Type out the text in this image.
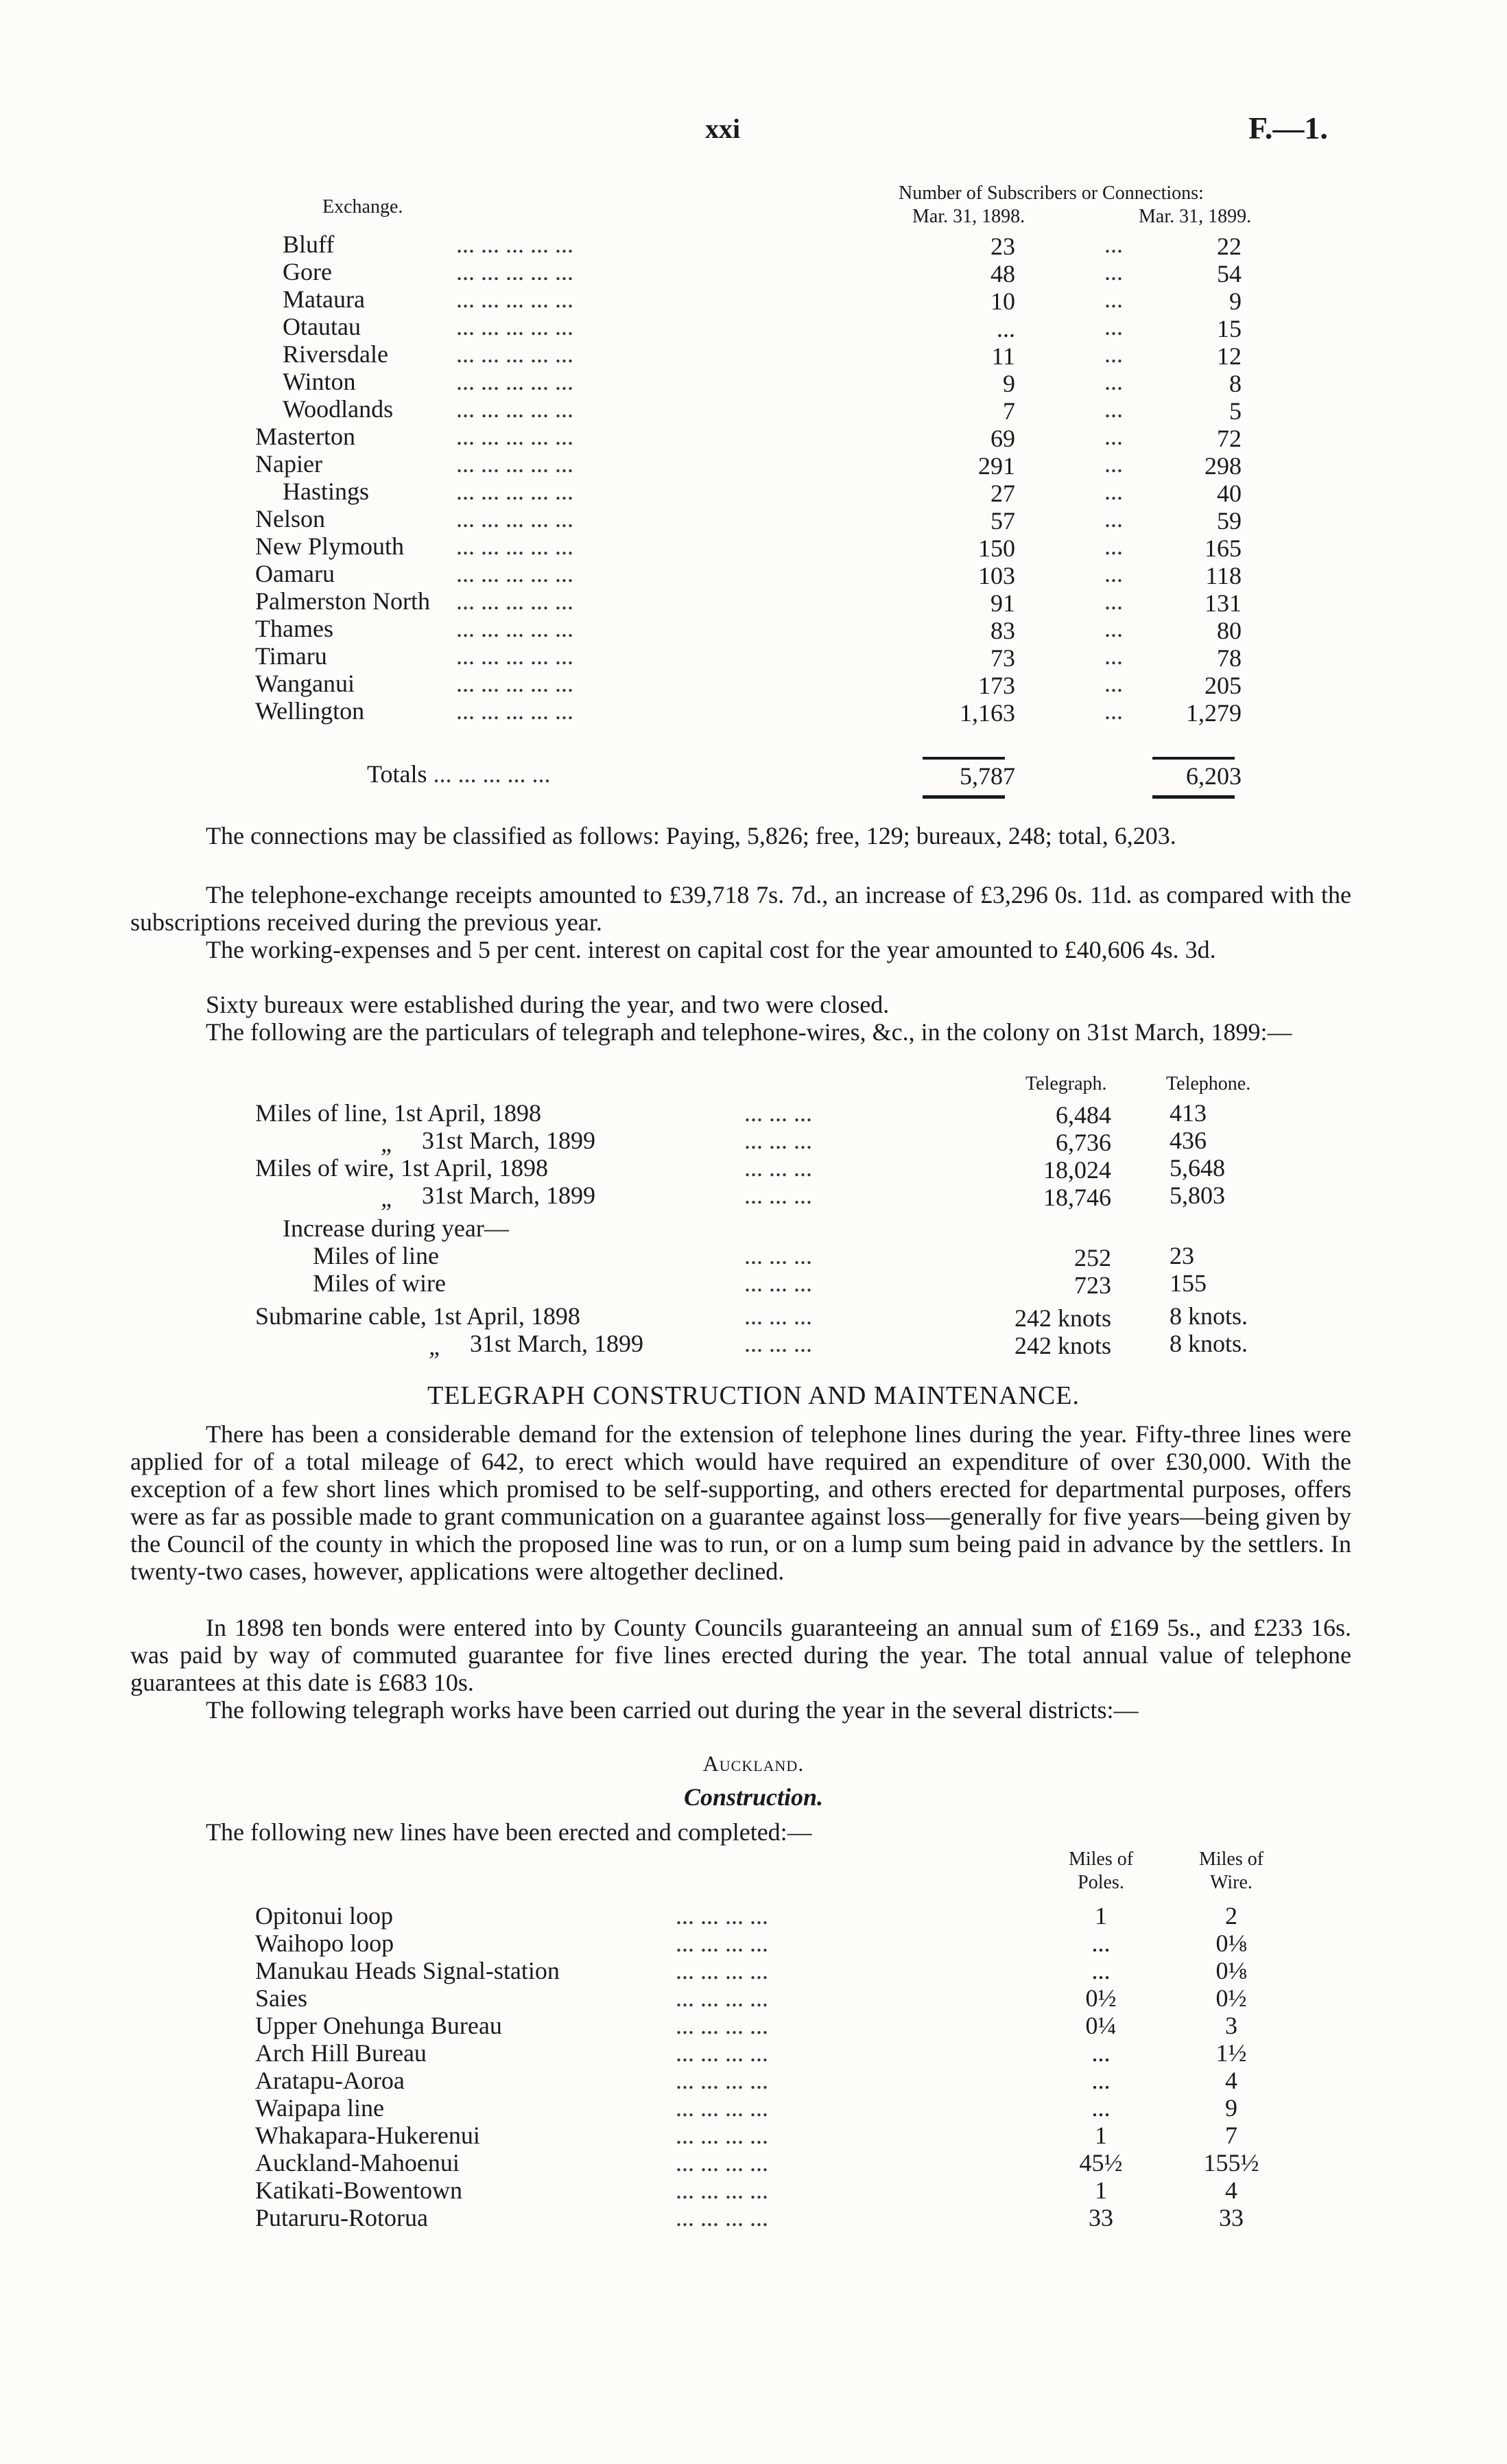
xxi	F.—1.
Exchange.
Number of Subscribers or Connections:
Mar. 31, 1898.	Mar. 31, 1899.
Bluff	... ... ... ... ...	23	...	22
Gore	... ... ... ... ...	48	...	54
Mataura	... ... ... ... ...	10	...	9
Otautau	... ... ... ... ...	...	...	15
Riversdale	... ... ... ... ...	11	...	12
Winton	... ... ... ... ...	9	...	8
Woodlands	... ... ... ... ...	7	...	5
Masterton	... ... ... ... ...	69	...	72
Napier	... ... ... ... ...	291	...	298
Hastings	... ... ... ... ...	27	...	40
Nelson	... ... ... ... ...	57	...	59
New Plymouth ... ... ... ... ...	150	...	165
Oamaru	... ... ... ... ...	103	...	118
Palmerston North ... ... ... ... ...	91	...	131
Thames	... ... ... ... ...	83	...	80
Timaru	... ... ... ... ...	73	...	78
Wanganui	... ... ... ... ...	173	...	205
Wellington	... ... ... ... ...	1,163	...	1,279
Totals ... ... ... ... ...	5,787	6,203
The connections may be classified as follows: Paying, 5,826; free, 129; bureaux, 248; total, 6,203.
The telephone-exchange receipts amounted to £39,718 7s. 7d., an increase of £3,296 0s. 11d. as compared with the subscriptions received during the previous year.
The working-expenses and 5 per cent. interest on capital cost for the year amounted to £40,606 4s. 3d.
Sixty bureaux were established during the year, and two were closed.
The following are the particulars of telegraph and telephone-wires, &c., in the colony on 31st March, 1899:—
Telegraph.	Telephone.
Miles of line, 1st April, 1898	... ... ...	6,484 413
„ 31st March, 1899	... ... ...	6,736 436
Miles of wire, 1st April, 1898	... ... ...	18,024 5,648
„ 31st March, 1899	... ... ...	18,746 5,803
Increase during year—
Miles of line	... ... ...	252 23
Miles of wire	... ... ...	723 155
Submarine cable, 1st April, 1898	... ... ...	242 knots 8 knots.
„ 31st March, 1899	... ... ...	242 knots 8 knots.
TELEGRAPH CONSTRUCTION AND MAINTENANCE.
There has been a considerable demand for the extension of telephone lines during the year. Fifty-three lines were applied for of a total mileage of 642, to erect which would have required an expenditure of over £30,000. With the exception of a few short lines which promised to be self-supporting, and others erected for departmental purposes, offers were as far as possible made to grant communication on a guarantee against loss—generally for five years—being given by the Council of the county in which the proposed line was to run, or on a lump sum being paid in advance by the settlers. In twenty-two cases, however, applications were altogether declined.
In 1898 ten bonds were entered into by County Councils guaranteeing an annual sum of £169 5s., and £233 16s. was paid by way of commuted guarantee for five lines erected during the year. The total annual value of telephone guarantees at this date is £683 10s.
The following telegraph works have been carried out during the year in the several districts:—
Auckland.
Construction.
The following new lines have been erected and completed:—
Miles of
Poles.
Miles of
Wire.
Opitonui loop	... ... ... ...	1	2
Waihopo loop	... ... ... ...	...	0⅛
Manukau Heads Signal-station	... ... ... ...	...	0⅛
Saies	... ... ... ...	0½	0½
Upper Onehunga Bureau	... ... ... ...	0¼	3
Arch Hill Bureau	... ... ... ...	...	1½
Aratapu-Aoroa	... ... ... ...	...	4
Waipapa line	... ... ... ...	...	9
Whakapara-Hukerenui	... ... ... ...	1	7
Auckland-Mahoenui	... ... ... ...	45½	155½
Katikati-Bowentown	... ... ... ...	1	4
Putaruru-Rotorua	... ... ... ...	33	33
